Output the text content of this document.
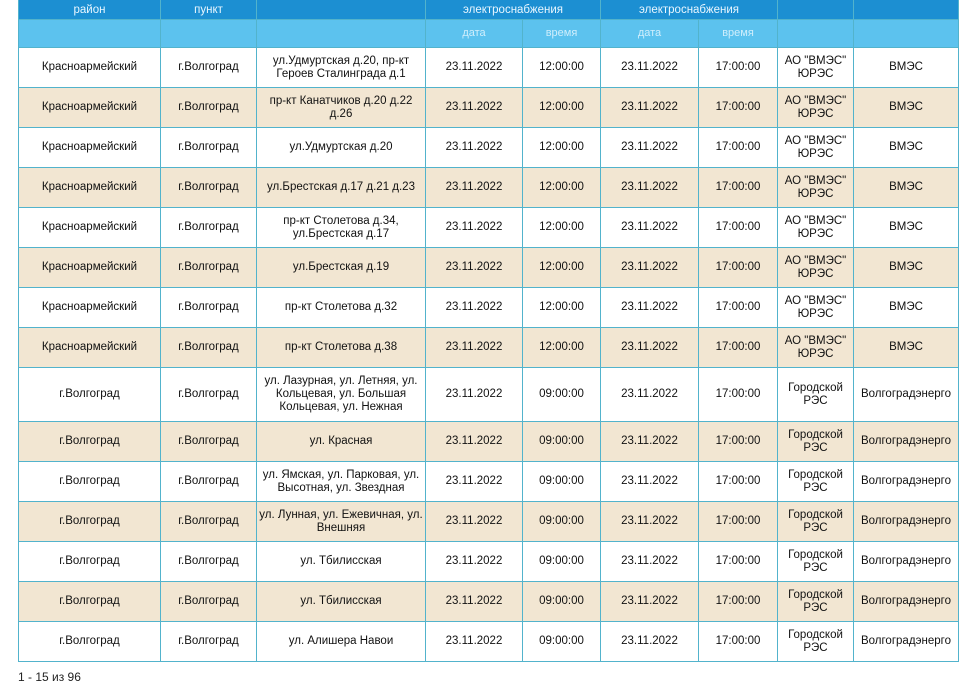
район	пункт		электроснабжения		электроснабжения			
			дата	время	дата	время		
Красноармейский	г.Волгоград	ул.Удмуртская д.20, пр-кт Героев Сталинграда д.1	23.11.2022	12:00:00	23.11.2022	17:00:00	АО "ВМЭС" ЮРЭС	ВМЭС
Красноармейский	г.Волгоград	пр-кт Канатчиков д.20 д.22 д.26	23.11.2022	12:00:00	23.11.2022	17:00:00	АО "ВМЭС" ЮРЭС	ВМЭС
Красноармейский	г.Волгоград	ул.Удмуртская д.20	23.11.2022	12:00:00	23.11.2022	17:00:00	АО "ВМЭС" ЮРЭС	ВМЭС
Красноармейский	г.Волгоград	ул.Брестская д.17 д.21 д.23	23.11.2022	12:00:00	23.11.2022	17:00:00	АО "ВМЭС" ЮРЭС	ВМЭС
Красноармейский	г.Волгоград	пр-кт Столетова д.34, ул.Брестская д.17	23.11.2022	12:00:00	23.11.2022	17:00:00	АО "ВМЭС" ЮРЭС	ВМЭС
Красноармейский	г.Волгоград	ул.Брестская д.19	23.11.2022	12:00:00	23.11.2022	17:00:00	АО "ВМЭС" ЮРЭС	ВМЭС
Красноармейский	г.Волгоград	пр-кт Столетова д.32	23.11.2022	12:00:00	23.11.2022	17:00:00	АО "ВМЭС" ЮРЭС	ВМЭС
Красноармейский	г.Волгоград	пр-кт Столетова д.38	23.11.2022	12:00:00	23.11.2022	17:00:00	АО "ВМЭС" ЮРЭС	ВМЭС
г.Волгоград	г.Волгоград	ул. Лазурная, ул. Летняя, ул. Кольцевая, ул. Большая Кольцевая, ул. Нежная	23.11.2022	09:00:00	23.11.2022	17:00:00	Городской РЭС	Волгоградэнерго
г.Волгоград	г.Волгоград	ул. Красная	23.11.2022	09:00:00	23.11.2022	17:00:00	Городской РЭС	Волгоградэнерго
г.Волгоград	г.Волгоград	ул. Ямская, ул. Парковая, ул. Высотная, ул. Звездная	23.11.2022	09:00:00	23.11.2022	17:00:00	Городской РЭС	Волгоградэнерго
г.Волгоград	г.Волгоград	ул. Лунная, ул. Ежевичная, ул. Внешняя	23.11.2022	09:00:00	23.11.2022	17:00:00	Городской РЭС	Волгоградэнерго
г.Волгоград	г.Волгоград	ул. Тбилисская	23.11.2022	09:00:00	23.11.2022	17:00:00	Городской РЭС	Волгоградэнерго
г.Волгоград	г.Волгоград	ул. Тбилисская	23.11.2022	09:00:00	23.11.2022	17:00:00	Городской РЭС	Волгоградэнерго
г.Волгоград	г.Волгоград	ул. Алишера Навои	23.11.2022	09:00:00	23.11.2022	17:00:00	Городской РЭС	Волгоградэнерго
1 - 15 из 96
